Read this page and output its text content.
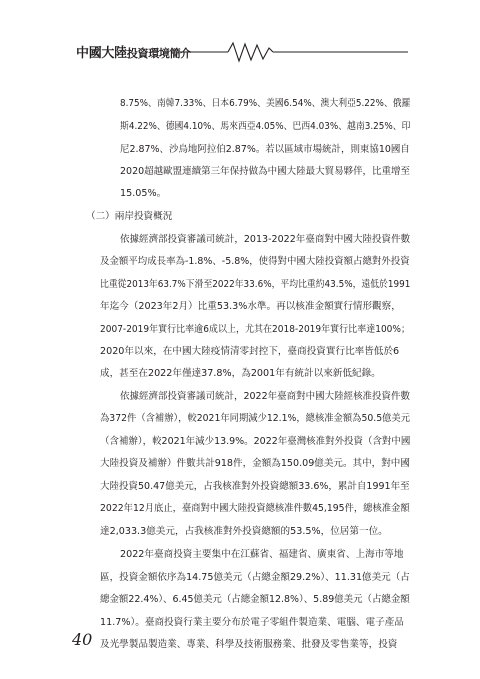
中國大陸投資環境簡介
8.75%、南韓7.33%、日本6.79%、美國6.54%、澳大利亞5.22%、俄羅
斯4.22%、德國4.10%、馬來西亞4.05%、巴西4.03%、越南3.25%、印
尼2.87%、沙烏地阿拉伯2.87%。若以區域市場統計，則東協10國自
2020超越歐盟連續第三年保持做為中國大陸最大貿易夥伴，比重增至
15.05%。
（二）兩岸投資概況
依據經濟部投資審議司統計，2013-2022年臺商對中國大陸投資件數
及金額平均成長率為-1.8%、-5.8%，使得對中國大陸投資額占總對外投資
比重從2013年63.7%下滑至2022年33.6%，平均比重約43.5%，遠低於1991
年迄今（2023年2月）比重53.3%水準。再以核准金額實行情形觀察，
2007-2019年實行比率逾6成以上，尤其在2018-2019年實行比率達100%；
2020年以來，在中國大陸疫情清零封控下，臺商投資實行比率皆低於6
成，甚至在2022年僅達37.8%，為2001年有統計以來新低紀錄。
依據經濟部投資審議司統計，2022年臺商對中國大陸經核准投資件數
為372件（含補辦），較2021年同期減少12.1%，總核准金額為50.5億美元
（含補辦），較2021年減少13.9%。2022年臺灣核准對外投資（含對中國
大陸投資及補辦）件數共計918件，金額為150.09億美元。其中，對中國
大陸投資50.47億美元，占我核准對外投資總額33.6%，累計自1991年至
2022年12月底止，臺商對中國大陸投資總核准件數45,195件，總核准金額
達2,033.3億美元，占我核准對外投資總額的53.5%，位居第一位。
2022年臺商投資主要集中在江蘇省、福建省、廣東省、上海市等地
區，投資金額依序為14.75億美元（占總金額29.2%）、11.31億美元（占
總金額22.4%）、6.45億美元（占總金額12.8%）、5.89億美元（占總金額
11.7%）。臺商投資行業主要分布於電子零組件製造業、電腦、電子產品
及光學製品製造業、專業、科學及技術服務業、批發及零售業等，投資
40
